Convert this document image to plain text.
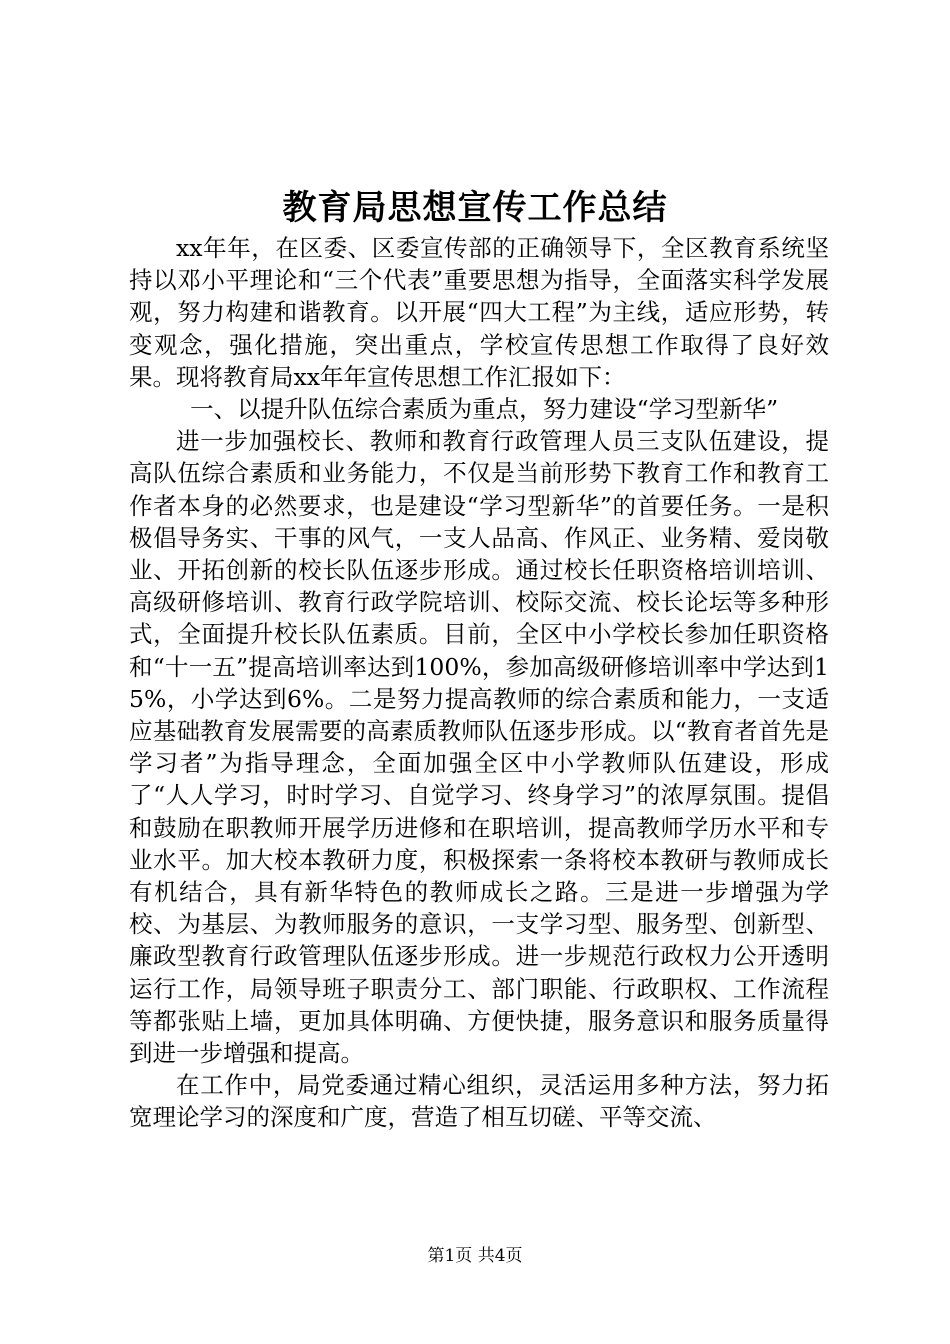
教育局思想宣传工作总结

xx年年，在区委、区委宣传部的正确领导下，全区教育系统坚持以邓小平理论和“三个代表”重要思想为指导，全面落实科学发展观，努力构建和谐教育。以开展“四大工程”为主线，适应形势，转变观念，强化措施，突出重点，学校宣传思想工作取得了良好效果。现将教育局xx年年宣传思想工作汇报如下：

一、以提升队伍综合素质为重点，努力建设“学习型新华”

进一步加强校长、教师和教育行政管理人员三支队伍建设，提高队伍综合素质和业务能力，不仅是当前形势下教育工作和教育工作者本身的必然要求，也是建设“学习型新华”的首要任务。一是积极倡导务实、干事的风气，一支人品高、作风正、业务精、爱岗敬业、开拓创新的校长队伍逐步形成。通过校长任职资格培训培训、高级研修培训、教育行政学院培训、校际交流、校长论坛等多种形式，全面提升校长队伍素质。目前，全区中小学校长参加任职资格和“十一五”提高培训率达到100%，参加高级研修培训率中学达到15%，小学达到6%。二是努力提高教师的综合素质和能力，一支适应基础教育发展需要的高素质教师队伍逐步形成。以“教育者首先是学习者”为指导理念，全面加强全区中小学教师队伍建设，形成了“人人学习，时时学习、自觉学习、终身学习”的浓厚氛围。提倡和鼓励在职教师开展学历进修和在职培训，提高教师学历水平和专业水平。加大校本教研力度，积极探索一条将校本教研与教师成长有机结合，具有新华特色的教师成长之路。三是进一步增强为学校、为基层、为教师服务的意识，一支学习型、服务型、创新型、廉政型教育行政管理队伍逐步形成。进一步规范行政权力公开透明运行工作，局领导班子职责分工、部门职能、行政职权、工作流程等都张贴上墙，更加具体明确、方便快捷，服务意识和服务质量得到进一步增强和提高。

在工作中，局党委通过精心组织，灵活运用多种方法，努力拓宽理论学习的深度和广度，营造了相互切磋、平等交流、

第1页 共4页
